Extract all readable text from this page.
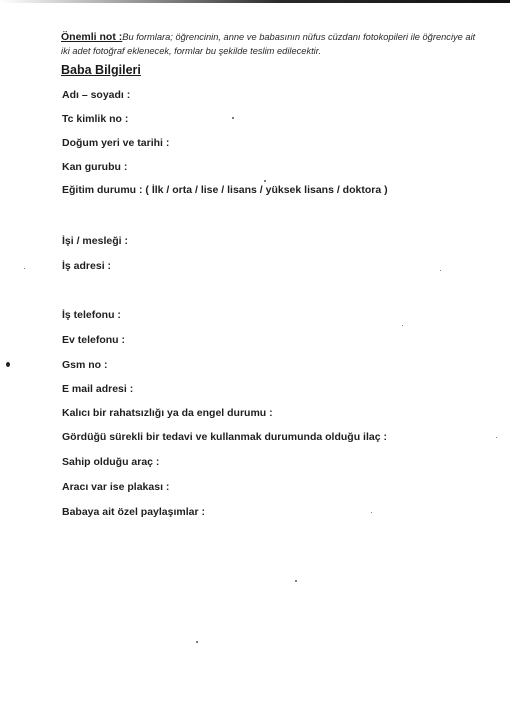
Önemli not :Bu formlara; öğrencinin, anne ve babasının nüfus cüzdanı fotokopileri ile öğrenciye ait iki adet fotoğraf eklenecek, formlar bu şekilde teslim edilecektir.
Baba Bilgileri
Adı – soyadı :
Tc kimlik no :
Doğum yeri ve tarihi :
Kan gurubu :
Eğitim durumu : ( İlk / orta / lise / lisans / yüksek lisans / doktora )
İşi / mesleği :
İş adresi :
İş telefonu :
Ev telefonu :
Gsm no :
E mail adresi :
Kalıcı bir rahatsızlığı ya da engel durumu :
Gördüğü sürekli bir tedavi ve kullanmak durumunda olduğu ilaç :
Sahip olduğu araç :
Aracı var ise plakası :
Babaya ait özel paylaşımlar :
